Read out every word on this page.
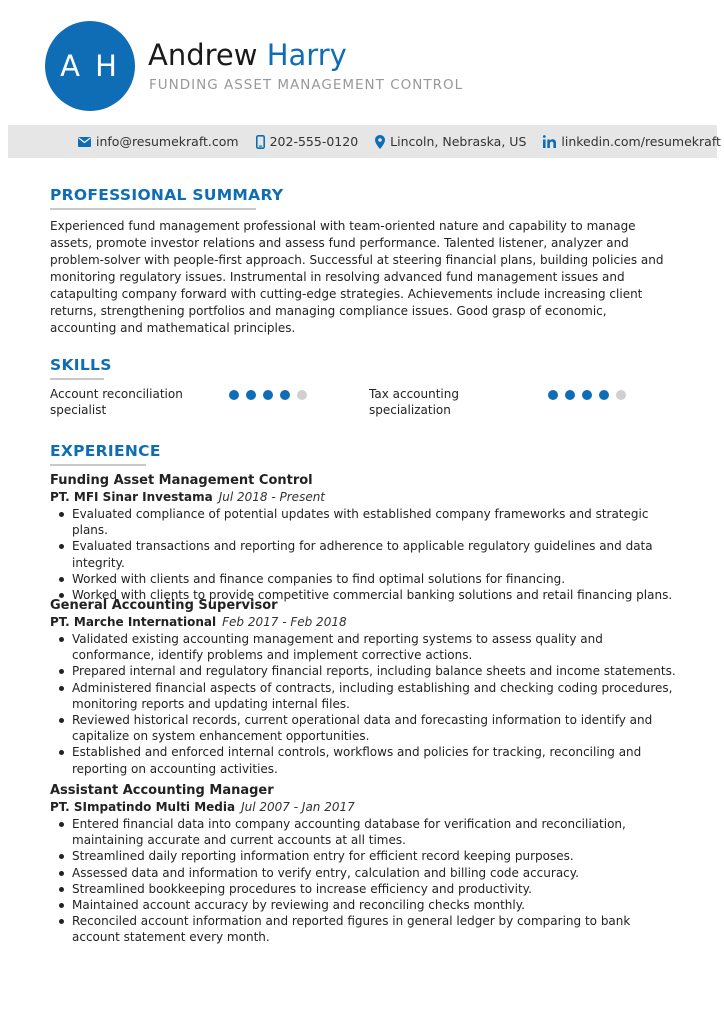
A H Andrew Harry
FUNDING ASSET MANAGEMENT CONTROL
info@resumekraft.com 202-555-0120	Lincoln, Nebraska, US	linkedin.com/resumekraft
PROFESSIONAL SUMMARY

Experienced fund management professional with team-oriented nature and capability to manage assets, promote investor relations and assess fund performance. Talented listener, analyzer and problem-solver with people-first approach. Successful at steering financial plans, building policies and monitoring regulatory issues. Instrumental in resolving advanced fund management issues and catapulting company forward with cutting-edge strategies. Achievements include increasing client returns, strengthening portfolios and managing compliance issues. Good grasp of economic, accounting and mathematical principles.

SKILLS
Account reconciliation specialist
Tax accounting specialization
EXPERIENCE
Funding Asset Management Control
PT. MFI Sinar Investama Jul 2018 - Present
Evaluated compliance of potential updates with established company frameworks and strategic plans.
Evaluated transactions and reporting for adherence to applicable regulatory guidelines and data integrity.
Worked with clients and finance companies to find optimal solutions for financing.
Worked with clients to provide competitive commercial banking solutions and retail financing plans.
General Accounting Supervisor
PT. Marche International Feb 2017 - Feb 2018
Validated existing accounting management and reporting systems to assess quality and conformance, identify problems and implement corrective actions.
Prepared internal and regulatory financial reports, including balance sheets and income statements.
Administered financial aspects of contracts, including establishing and checking coding procedures, monitoring reports and updating internal files.
Reviewed historical records, current operational data and forecasting information to identify and capitalize on system enhancement opportunities.
Established and enforced internal controls, workflows and policies for tracking, reconciling and reporting on accounting activities.
Assistant Accounting Manager
PT. SImpatindo Multi Media Jul 2007 - Jan 2017
Entered financial data into company accounting database for verification and reconciliation, maintaining accurate and current accounts at all times.
Streamlined daily reporting information entry for efficient record keeping purposes.
Assessed data and information to verify entry, calculation and billing code accuracy.
Streamlined bookkeeping procedures to increase efficiency and productivity.
Maintained account accuracy by reviewing and reconciling checks monthly.
Reconciled account information and reported figures in general ledger by comparing to bank account statement every month.
